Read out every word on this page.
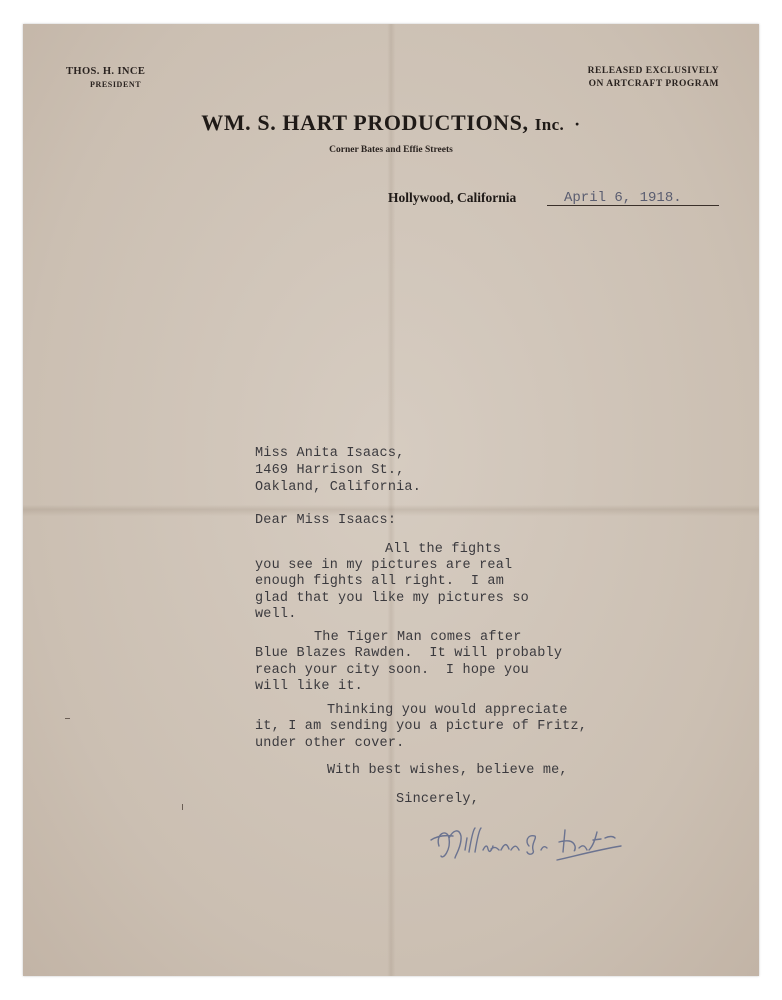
THOS. H. INCE
PRESIDENT
RELEASED EXCLUSIVELY
ON ARTCRAFT PROGRAM
WM. S. HART PRODUCTIONS, Inc. ·
Corner Bates and Effie Streets
Hollywood, California	April 6, 1918.
Miss Anita Isaacs,
1469 Harrison St.,
Oakland, California.
Dear Miss Isaacs:
All the fights
you see in my pictures are real
enough fights all right.  I am
glad that you like my pictures so
well.
The Tiger Man comes after
Blue Blazes Rawden.  It will probably
reach your city soon.  I hope you
will like it.
Thinking you would appreciate
it, I am sending you a picture of Fritz,
under other cover.
With best wishes, believe me,
Sincerely,
